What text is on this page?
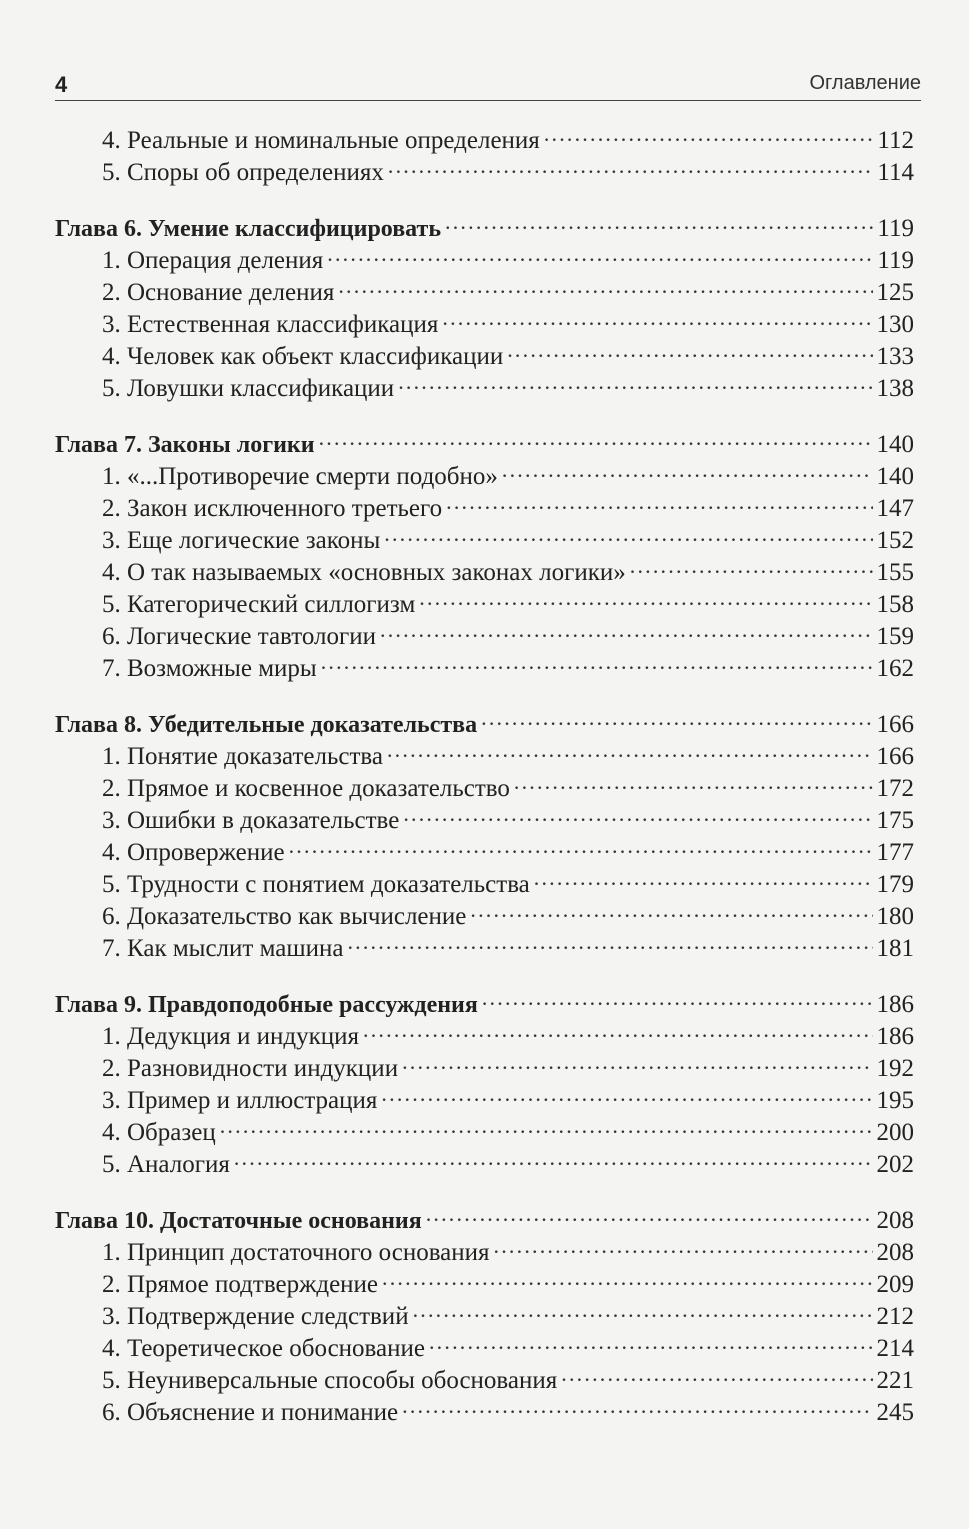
4	Оглавление
4. Реальные и номинальные определения .....	112
5. Споры об определениях .....	114
Глава 6. Умение классифицировать .....	119
1. Операция деления .....	119
2. Основание деления .....	125
3. Естественная классификация .....	130
4. Человек как объект классификации .....	133
5. Ловушки классификации .....	138
Глава 7. Законы логики .....	140
1. «...Противоречие смерти подобно» .....	140
2. Закон исключенного третьего .....	147
3. Еще логические законы .....	152
4. О так называемых «основных законах логики» .....	155
5. Категорический силлогизм .....	158
6. Логические тавтологии .....	159
7. Возможные миры .....	162
Глава 8. Убедительные доказательства .....	166
1. Понятие доказательства .....	166
2. Прямое и косвенное доказательство .....	172
3. Ошибки в доказательстве .....	175
4. Опровержение .....	177
5. Трудности с понятием доказательства .....	179
6. Доказательство как вычисление .....	180
7. Как мыслит машина .....	181
Глава 9. Правдоподобные рассуждения .....	186
1. Дедукция и индукция .....	186
2. Разновидности индукции .....	192
3. Пример и иллюстрация .....	195
4. Образец .....	200
5. Аналогия .....	202
Глава 10. Достаточные основания .....	208
1. Принцип достаточного основания .....	208
2. Прямое подтверждение .....	209
3. Подтверждение следствий .....	212
4. Теоретическое обоснование .....	214
5. Неуниверсальные способы обоснования .....	221
6. Объяснение и понимание .....	245
